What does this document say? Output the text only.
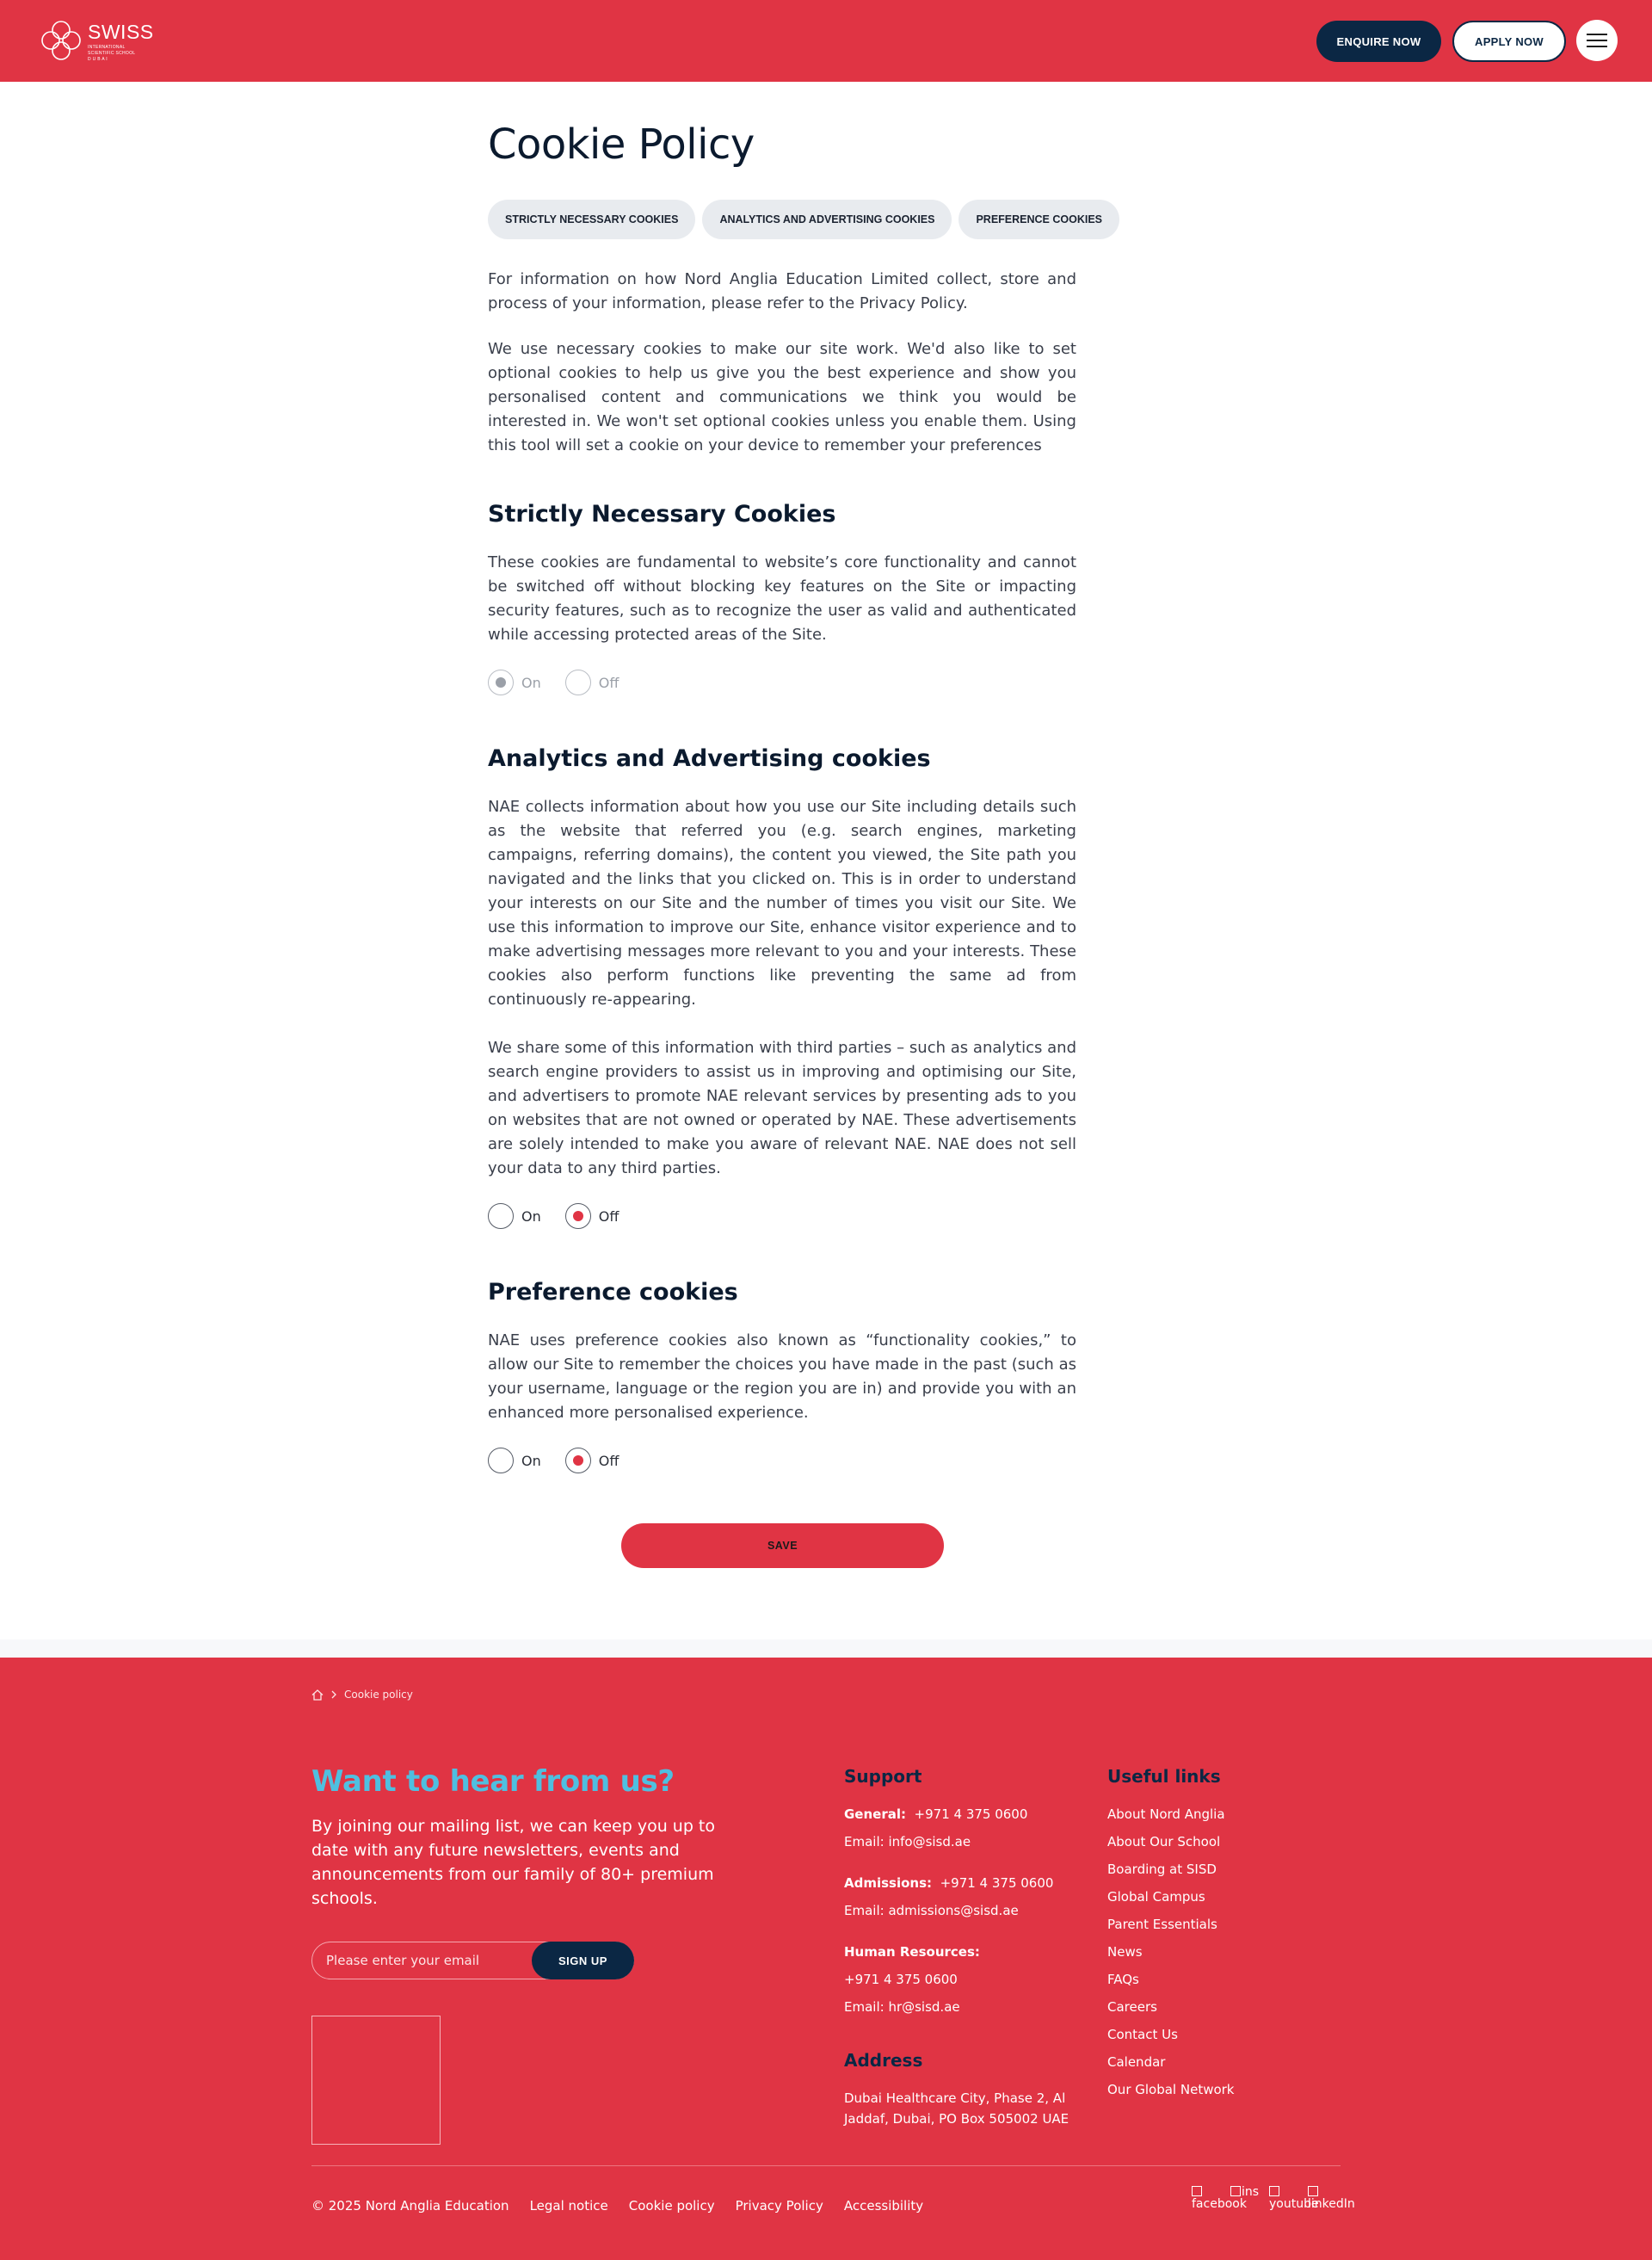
SWISS
INTERNATIONAL
SCIENTIFIC SCHOOL
D U B A I
ENQUIRE NOW	APPLY NOW
Cookie Policy
STRICTLY NECESSARY COOKIES	ANALYTICS AND ADVERTISING COOKIES	PREFERENCE COOKIES

For information on how Nord Anglia Education Limited collect, store and process of your information, please refer to the Privacy Policy.

We use necessary cookies to make our site work. We'd also like to set optional cookies to help us give you the best experience and show you personalised content and communications we think you would be interested in. We won't set optional cookies unless you enable them. Using this tool will set a cookie on your device to remember your preferences

Strictly Necessary Cookies

These cookies are fundamental to website’s core functionality and cannot be switched off without blocking key features on the Site or impacting security features, such as to recognize the user as valid and authenticated while accessing protected areas of the Site.

On	Off
Analytics and Advertising cookies

NAE collects information about how you use our Site including details such as the website that referred you (e.g. search engines, marketing campaigns, referring domains), the content you viewed, the Site path you navigated and the links that you clicked on. This is in order to understand your interests on our Site and the number of times you visit our Site. We use this information to improve our Site, enhance visitor experience and to make advertising messages more relevant to you and your interests. These cookies also perform functions like preventing the same ad from continuously re-appearing.

We share some of this information with third parties – such as analytics and search engine providers to assist us in improving and optimising our Site, and advertisers to promote NAE relevant services by presenting ads to you on websites that are not owned or operated by NAE. These advertisements are solely intended to make you aware of relevant NAE. NAE does not sell your data to any third parties.

On	Off
Preference cookies

NAE uses preference cookies also known as “functionality cookies,” to allow our Site to remember the choices you have made in the past (such as your username, language or the region you are in) and provide you with an enhanced more personalised experience.

On	Off
SAVE
Cookie policy
Want to hear from us?

By joining our mailing list, we can keep you up to date with any future newsletters, events and announcements from our family of 80+ premium schools.

Please enter your email
SIGN UP
Support
General: +971 4 375 0600
Email: info@sisd.ae
Admissions: +971 4 375 0600
Email: admissions@sisd.ae
Human Resources:
+971 4 375 0600
Email: hr@sisd.ae
Address
Dubai Healthcare City, Phase 2, Al
Jaddaf, Dubai, PO Box 505002 UAE
Useful links
About Nord Anglia
About Our School
Boarding at SISD
Global Campus
Parent Essentials
News
FAQs
Careers
Contact Us
Calendar
Our Global Network
© 2025 Nord Anglia Education Legal notice Cookie policy Privacy Policy Accessibility	facebook
ins

youtube

linkedIn
